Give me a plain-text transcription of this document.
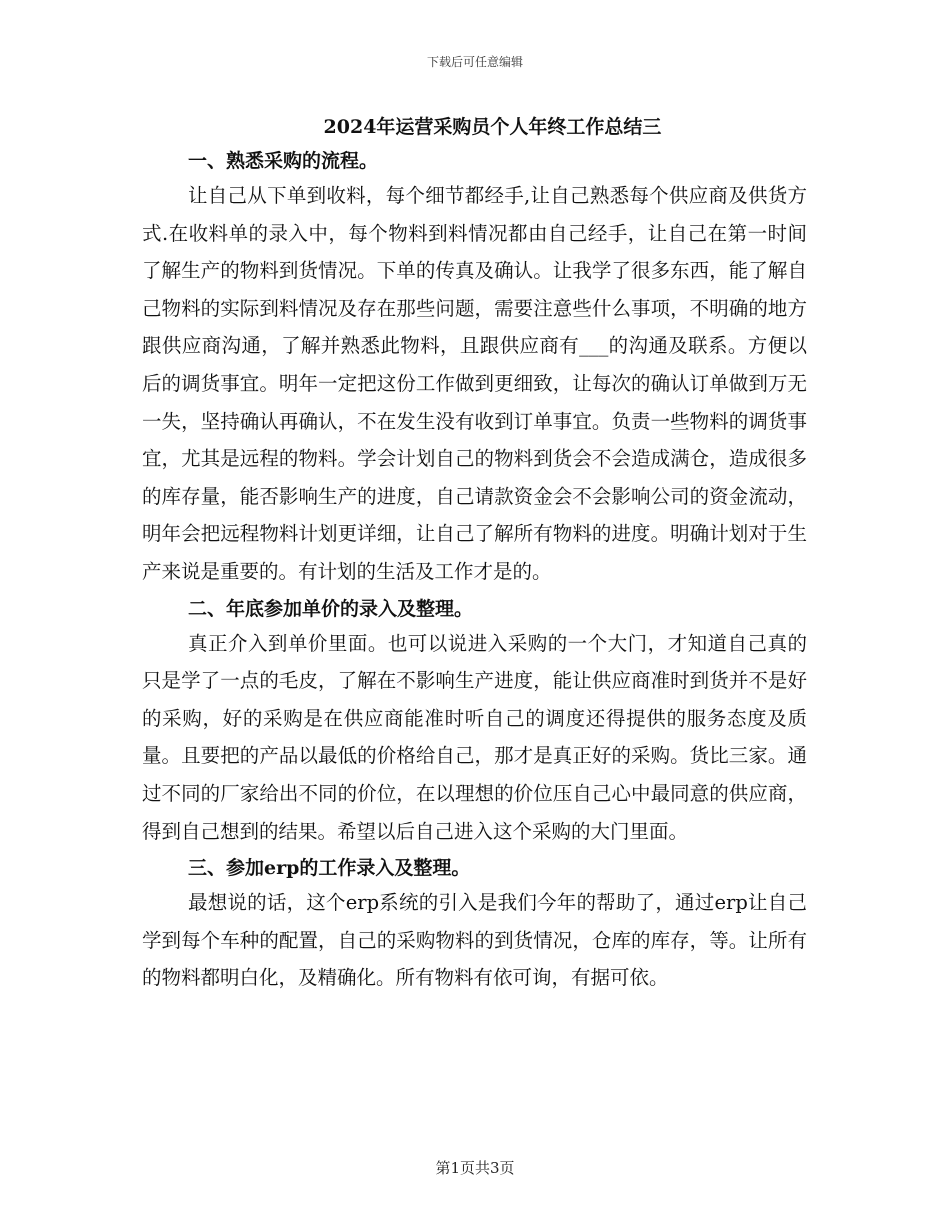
下载后可任意编辑
2024年运营采购员个人年终工作总结三
一、熟悉采购的流程。

让自己从下单到收料，每个细节都经手,让自己熟悉每个供应商及供货方式.在收料单的录入中，每个物料到料情况都由自己经手，让自己在第一时间了解生产的物料到货情况。下单的传真及确认。让我学了很多东西，能了解自己物料的实际到料情况及存在那些问题，需要注意些什么事项，不明确的地方跟供应商沟通，了解并熟悉此物料，且跟供应商有___的沟通及联系。方便以后的调货事宜。明年一定把这份工作做到更细致，让每次的确认订单做到万无一失，坚持确认再确认，不在发生没有收到订单事宜。负责一些物料的调货事宜，尤其是远程的物料。学会计划自己的物料到货会不会造成满仓，造成很多的库存量，能否影响生产的进度，自己请款资金会不会影响公司的资金流动，明年会把远程物料计划更详细，让自己了解所有物料的进度。明确计划对于生产来说是重要的。有计划的生活及工作才是的。

二、年底参加单价的录入及整理。

真正介入到单价里面。也可以说进入采购的一个大门，才知道自己真的只是学了一点的毛皮，了解在不影响生产进度，能让供应商准时到货并不是好的采购，好的采购是在供应商能准时听自己的调度还得提供的服务态度及质量。且要把的产品以最低的价格给自己，那才是真正好的采购。货比三家。通过不同的厂家给出不同的价位，在以理想的价位压自己心中最同意的供应商，得到自己想到的结果。希望以后自己进入这个采购的大门里面。

三、参加erp的工作录入及整理。

最想说的话，这个erp系统的引入是我们今年的帮助了，通过erp让自己学到每个车种的配置，自己的采购物料的到货情况，仓库的库存，等。让所有的物料都明白化，及精确化。所有物料有依可询，有据可依。

第1页共3页
